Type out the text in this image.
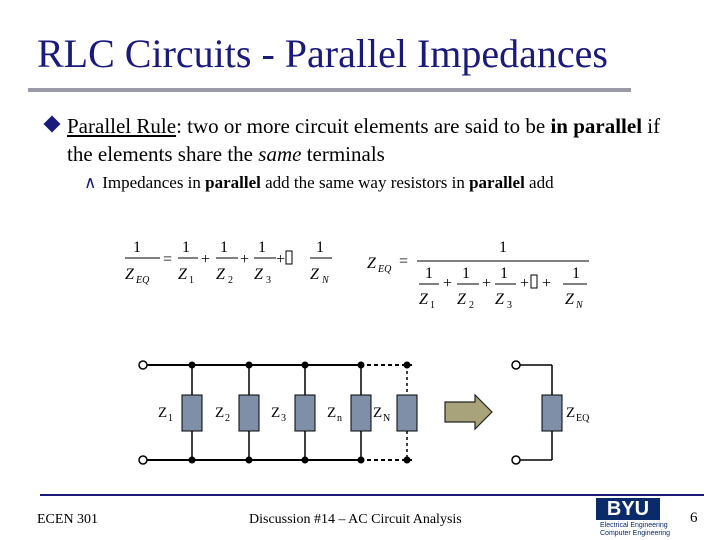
RLC Circuits - Parallel Impedances
Parallel Rule: two or more circuit elements are said to be in parallel if the elements share the same terminals
∧ Impedances in parallel add the same way resistors in parallel add
1
Z EQ
=
1
Z 1
+
1
Z 2
+
1
Z 3
+
1
Z N
Z EQ =
1
1
Z 1
+
1
Z 2
+
1
Z 3
+ +
1
Z N
Z 1	Z 2	Z 3	Z n Z N	Z EQ
ECEN 301	Discussion #14 – AC Circuit Analysis	BYU
Electrical Engineering
Computer Engineering
6
